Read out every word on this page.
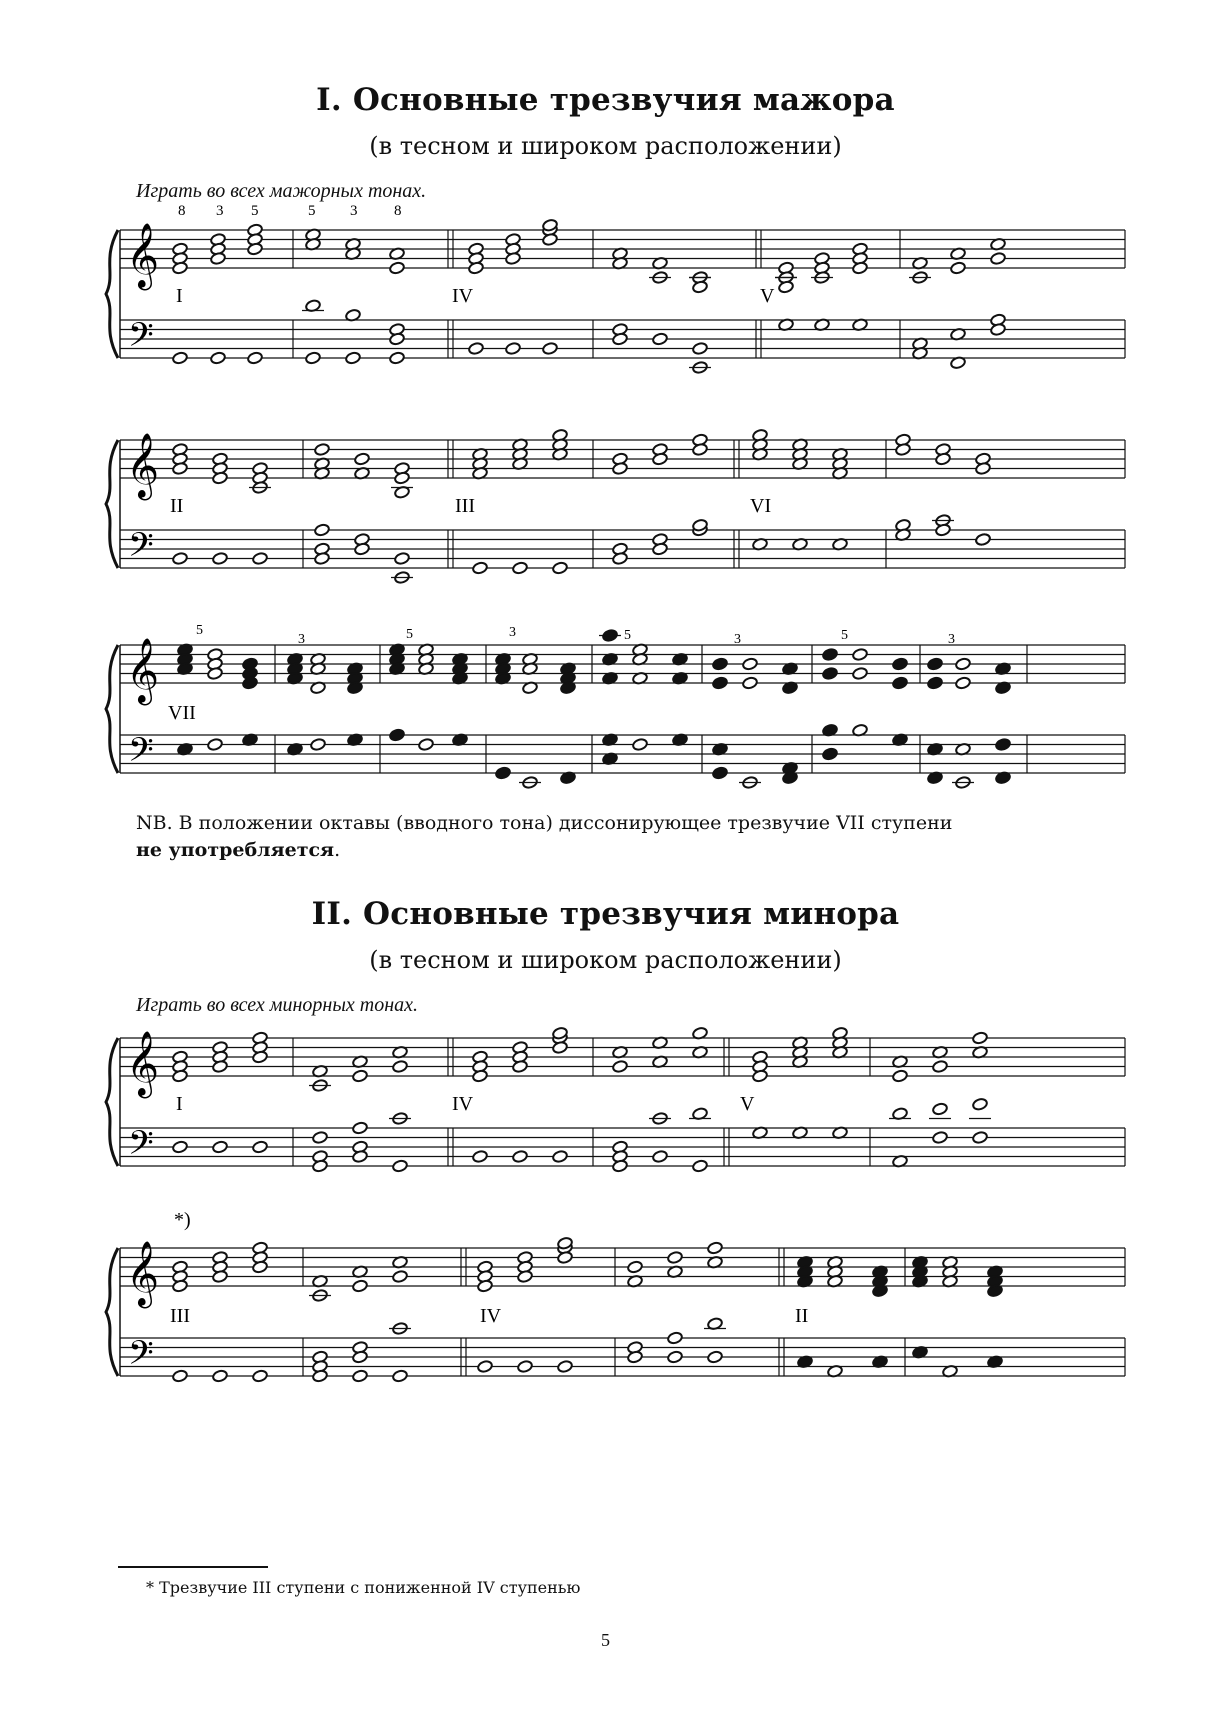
I. Основные трезвучия мажора
(в тесном и широком расположении)
Играть во всех мажорных тонах.
𝄞
𝄢
8 3 5	5 3 8
I	IV	V
𝄞
𝄢
II	III	VI
𝄞
𝄢
5
3	5	3	5	3	5	3
VII
NB. В положении октавы (вводного тона) диссонирующее трезвучие VII ступени
не употребляется.
II. Основные трезвучия минора
(в тесном и широком расположении)
Играть во всех минорных тонах.
𝄞
𝄢
I	IV	V
𝄞
𝄢
*)
III	IV	II
* Трезвучие III ступени с пониженной IV ступенью
5
